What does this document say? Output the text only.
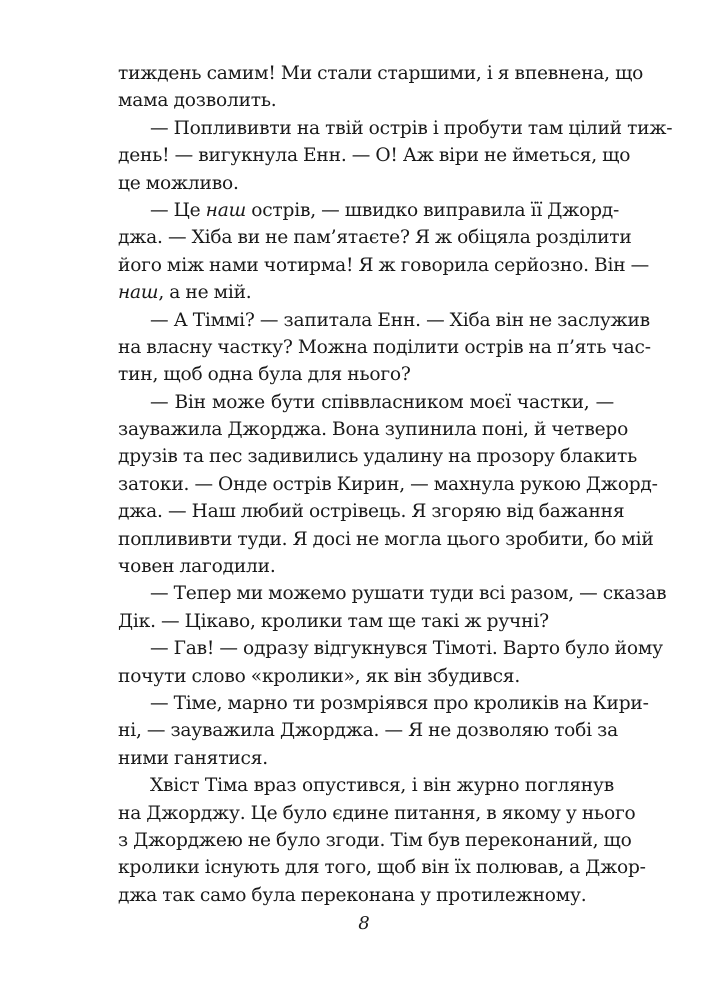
тиждень самим! Ми стали старшими, і я впевнена, що
мама дозволить.
— Поплививти на твій острів і пробути там цілий тиж-
день! — вигукнула Енн. — О! Аж віри не йметься, що
це можливо.
— Це наш острів, — швидко виправила її Джорд-
джа. — Хіба ви не пам’ятаєте? Я ж обіцяла розділити
його між нами чотирма! Я ж говорила серйозно. Він —
наш, а не мій.
— А Тіммі? — запитала Енн. — Хіба він не заслужив
на власну частку? Можна поділити острів на п’ять час-
тин, щоб одна була для нього?
— Він може бути співвласником моєї частки, —
зауважила Джорджа. Вона зупинила поні, й четверо
друзів та пес задивились удалину на прозору блакить
затоки. — Онде острів Кирин, — махнула рукою Джорд-
джа. — Наш любий острівець. Я згоряю від бажання
поплививти туди. Я досі не могла цього зробити, бо мій
човен лагодили.
— Тепер ми можемо рушати туди всі разом, — сказав
Дік. — Цікаво, кролики там ще такі ж ручні?
— Гав! — одразу відгукнувся Тімоті. Варто було йому
почути слово «кролики», як він збудився.
— Тіме, марно ти розмріявся про кроликів на Кири-
ні, — зауважила Джорджа. — Я не дозволяю тобі за
ними ганятися.
Хвіст Тіма враз опустився, і він журно поглянув
на Джорджу. Це було єдине питання, в якому у нього
з Джорджею не було згоди. Тім був переконаний, що
кролики існують для того, щоб він їх полював, а Джор-
джа так само була переконана у протилежному.
8
